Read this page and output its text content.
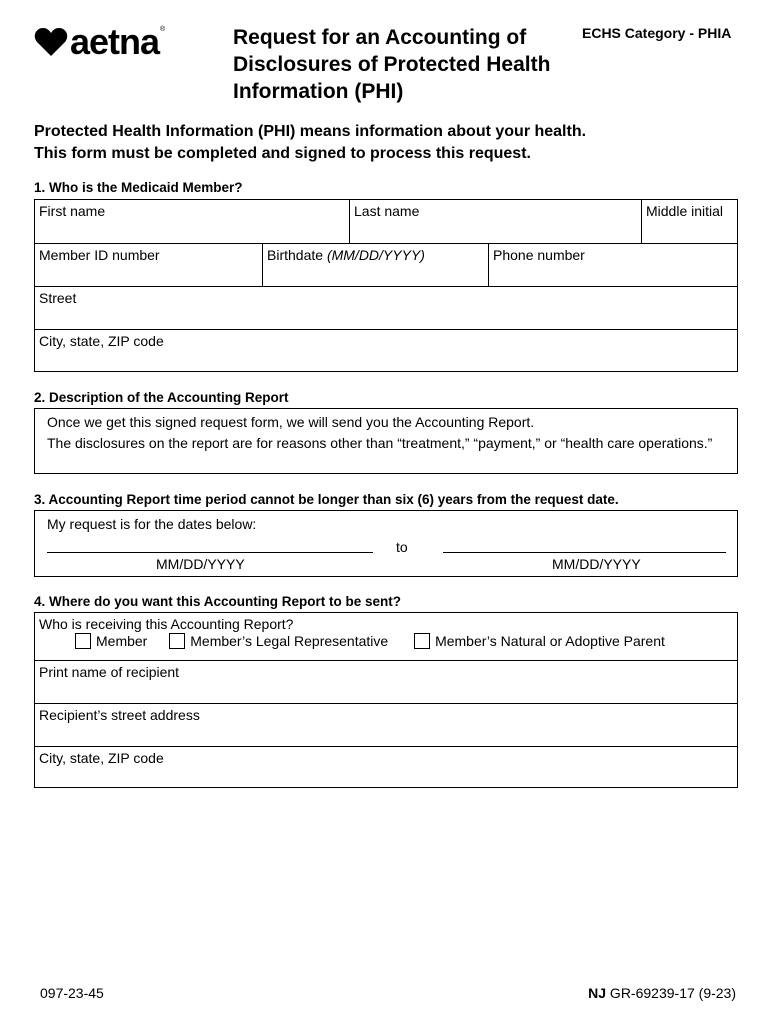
aetna ®	Request for an Accounting of Disclosures of Protected Health Information (PHI)
ECHS Category - PHIA
Protected Health Information (PHI) means information about your health.
This form must be completed and signed to process this request.
1. Who is the Medicaid Member?
First name	Last name	Middle initial
Member ID number	Birthdate (MM/DD/YYYY)	Phone number
Street
City, state, ZIP code
2. Description of the Accounting Report
Once we get this signed request form, we will send you the Accounting Report.
The disclosures on the report are for reasons other than “treatment,” “payment,” or “health care operations.”
3. Accounting Report time period cannot be longer than six (6) years from the request date.
My request is for the dates below:
to
MM/DD/YYYY	MM/DD/YYYY
4. Where do you want this Accounting Report to be sent?
Who is receiving this Accounting Report?
Member
	Member’s Legal Representative
	Member’s Natural or Adoptive Parent
Print name of recipient
Recipient’s street address
City, state, ZIP code
097-23-45	NJ GR-69239-17 (9-23)
